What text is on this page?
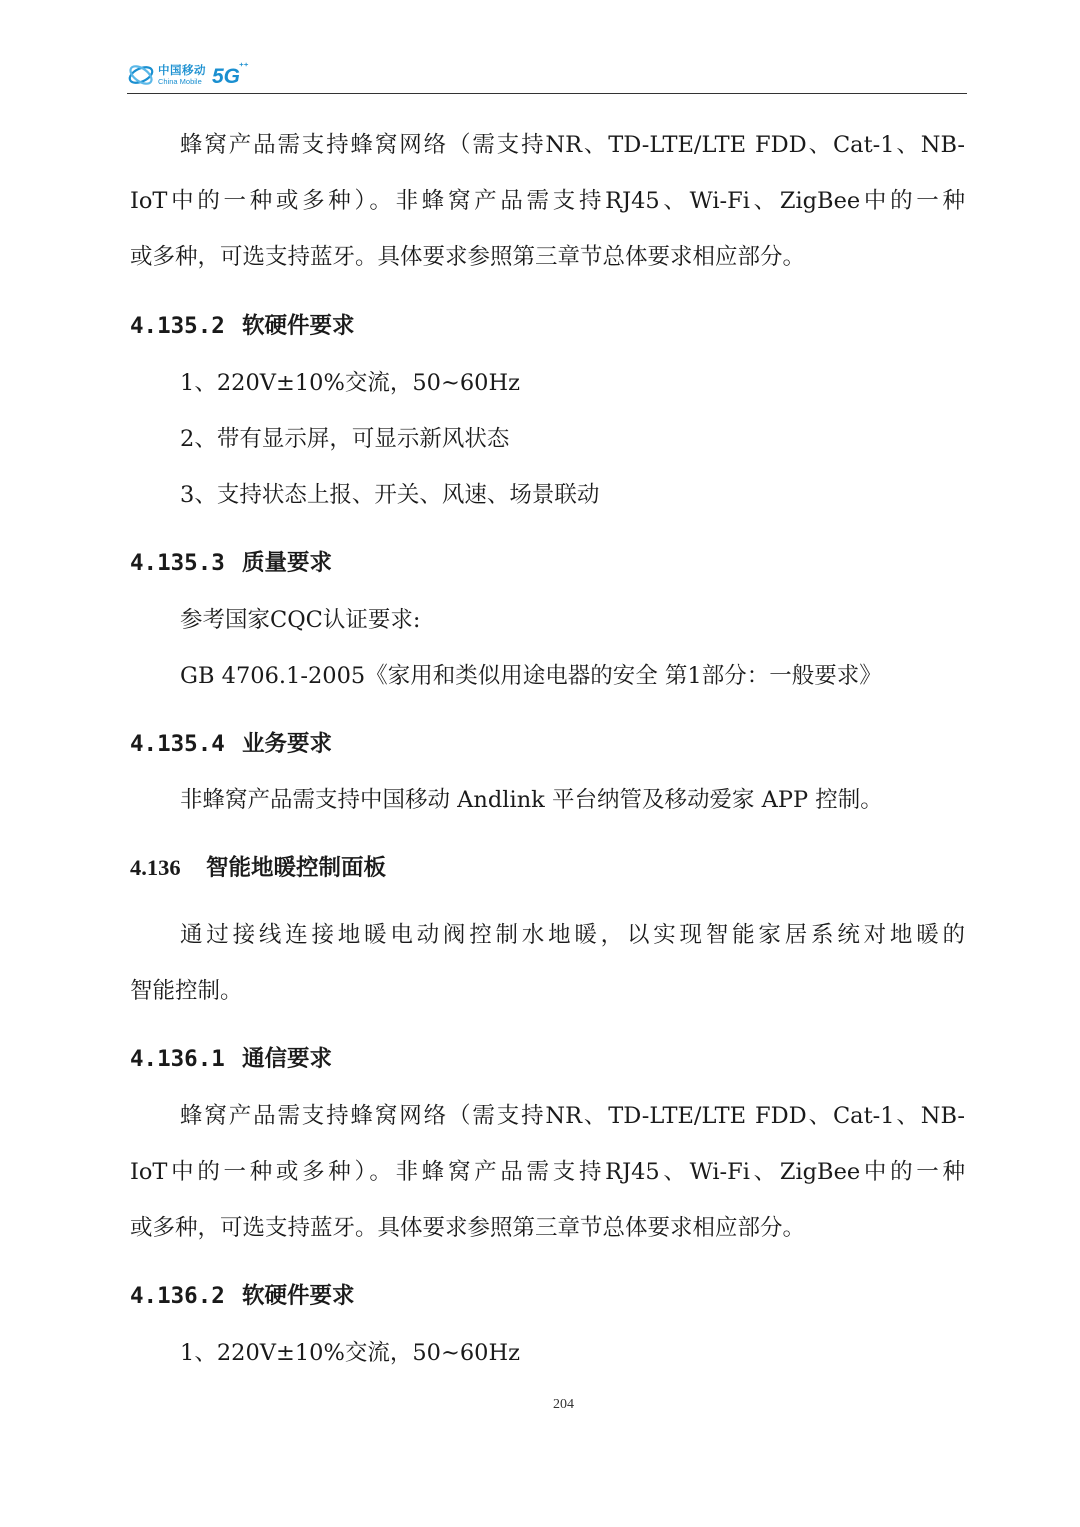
中国移动
China Mobile 5G ⁺⁺
蜂窝产品需支持蜂窝网络（需支持NR、TD-LTE/LTE FDD、Cat-1、NB-
IoT中的一种或多种）。非蜂窝产品需支持RJ45、Wi-Fi、ZigBee中的一种
或多种，可选支持蓝牙。具体要求参照第三章节总体要求相应部分。
4.135.2 软硬件要求
1、220V±10%交流，50~60Hz
2、带有显示屏，可显示新风状态
3、支持状态上报、开关、风速、场景联动
4.135.3 质量要求
参考国家CQC认证要求:
GB 4706.1-2005《家用和类似用途电器的安全 第1部分：一般要求》
4.135.4 业务要求
非蜂窝产品需支持中国移动 Andlink 平台纳管及移动爱家 APP 控制。
4.136 智能地暖控制面板
通过接线连接地暖电动阀控制水地暖，以实现智能家居系统对地暖的
智能控制。
4.136.1 通信要求
蜂窝产品需支持蜂窝网络（需支持NR、TD-LTE/LTE FDD、Cat-1、NB-
IoT中的一种或多种）。非蜂窝产品需支持RJ45、Wi-Fi、ZigBee中的一种
或多种，可选支持蓝牙。具体要求参照第三章节总体要求相应部分。
4.136.2 软硬件要求
1、220V±10%交流，50~60Hz
204
